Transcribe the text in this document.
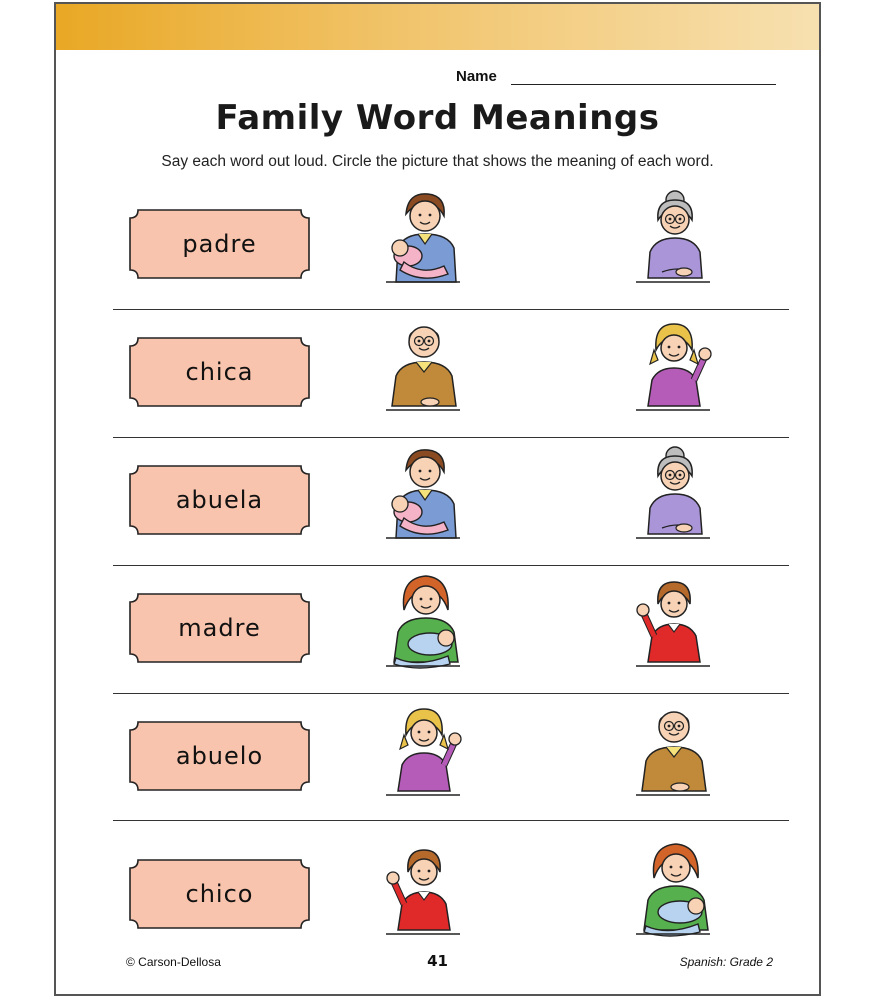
Name
Family Word Meanings
Say each word out loud. Circle the picture that shows the meaning of each word.
padre
chica
abuela
madre
abuelo
chico
© Carson-Dellosa	41	Spanish: Grade 2
